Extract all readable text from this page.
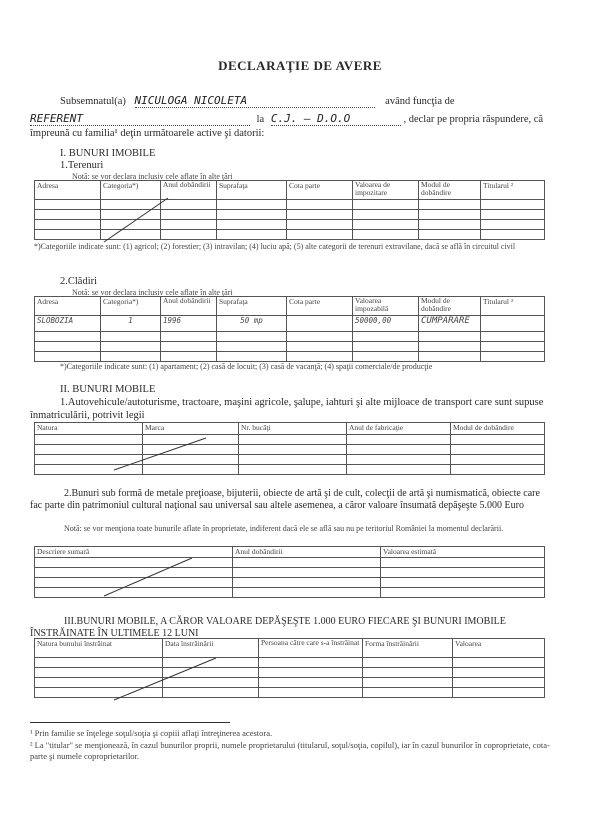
DECLARAŢIE DE AVERE
Subsemnatul(a) NICULOGA NICOLETA	având funcţia de
REFERENT	la C.J. – D.O.O	, declar pe propria răspundere, că
împreună cu familia¹ deţin următoarele active şi datorii:
I. BUNURI IMOBILE
1.Terenuri
Notă: se vor declara inclusiv cele aflate în alte ţări
Adresa	Categoria*)	Anul dobândirii	Suprafaţa	Cota parte	Valoarea de impozitare	Modul de dobândire	Titularul ²

*)Categoriile indicate sunt: (1) agricol; (2) forestier; (3) intravilan; (4) luciu apă; (5) alte categorii de terenuri extravilane, dacă se află în circuitul civil
2.Clădiri
Notă: se vor declara inclusiv cele aflate în alte ţări
Adresa	Categoria*)	Anul dobândirii	Suprafaţa	Cota parte	Valoarea impozabilă	Modul de dobândire	Titularul ²
SLOBOZIA	1	1996	50 mp		50000,00	CUMPARARE	

*)Categoriile indicate sunt: (1) apartament; (2) casă de locuit; (3) casă de vacanţă; (4) spaţii comerciale/de producţie
II. BUNURI MOBILE
1.Autovehicule/autoturisme, tractoare, maşini agricole, şalupe, iahturi şi alte mijloace de transport care sunt supuse înmatriculării, potrivit legii
Natura	Marca	Nr. bucăţi	Anul de fabricaţie	Modul de dobândire

2.Bunuri sub formă de metale preţioase, bijuterii, obiecte de artă şi de cult, colecţii de artă şi numismatică, obiecte care fac parte din patrimoniul cultural naţional sau universal sau altele asemenea, a căror valoare însumată depăşeşte 5.000 Euro
Notă: se vor menţiona toate bunurile aflate în proprietate, indiferent dacă ele se află sau nu pe teritoriul României la momentul declarării.
Descriere sumară	Anul dobândirii	Valoarea estimată

III.BUNURI MOBILE, A CĂROR VALOARE DEPĂŞEŞTE 1.000 EURO FIECARE ŞI BUNURI IMOBILE
ÎNSTRĂINATE ÎN ULTIMELE 12 LUNI
Natura bunului înstrăinat	Data înstrăinării	Persoana către care s-a înstrăinat	Forma înstrăinării	Valoarea

¹ Prin familie se înţelege soţul/soţia şi copiii aflaţi întreţinerea acestora.
² La "titular" se menţionează, în cazul bunurilor proprii, numele proprietarului (titularul, soţul/soţia, copilul), iar în cazul bunurilor în coproprietate, cota-parte şi numele coproprietarilor.
